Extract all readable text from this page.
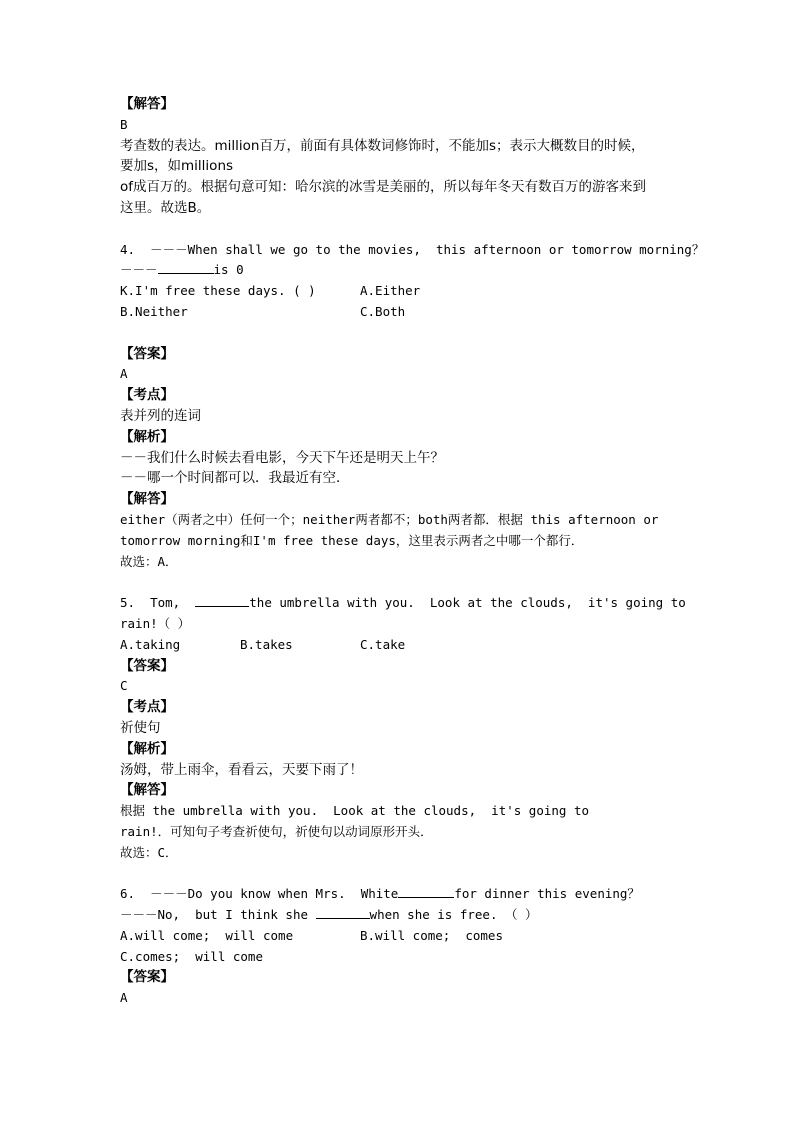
【解答】
B
考查数的表达。million百万，前面有具体数词修饰时，不能加s；表示大概数目的时候，
要加s，如millions
of成百万的。根据句意可知：哈尔滨的冰雪是美丽的，所以每年冬天有数百万的游客来到
这里。故选B。
4.  －－－When shall we go to the movies,  this afternoon or tomorrow morning？
－－－	is 0
K.I'm free these days. ( )	A.Either
B.Neither	C.Both
【答案】
A
【考点】
表并列的连词
【解析】
－－我们什么时候去看电影，今天下午还是明天上午？
－－哪一个时间都可以．我最近有空．
【解答】
either（两者之中）任何一个；neither两者都不；both两者都．根据 this afternoon or
tomorrow morning和I'm free these days，这里表示两者之中哪一个都行．
故选：A．
5.  Tom,	the umbrella with you.  Look at the clouds,  it's going to
rain!（ ）
A.taking	B.takes	C.take
【答案】
C
【考点】
祈使句
【解析】
汤姆，带上雨伞，看看云，天要下雨了！
【解答】
根据 the umbrella with you.  Look at the clouds,  it's going to
rain!．可知句子考查祈使句，祈使句以动词原形开头．
故选：C．
6.  －－－Do you know when Mrs.  White	for dinner this evening？
－－－No,  but I think she	when she is free. （ ）
A.will come;  will come	B.will come;  comes
C.comes;  will come
【答案】
A
